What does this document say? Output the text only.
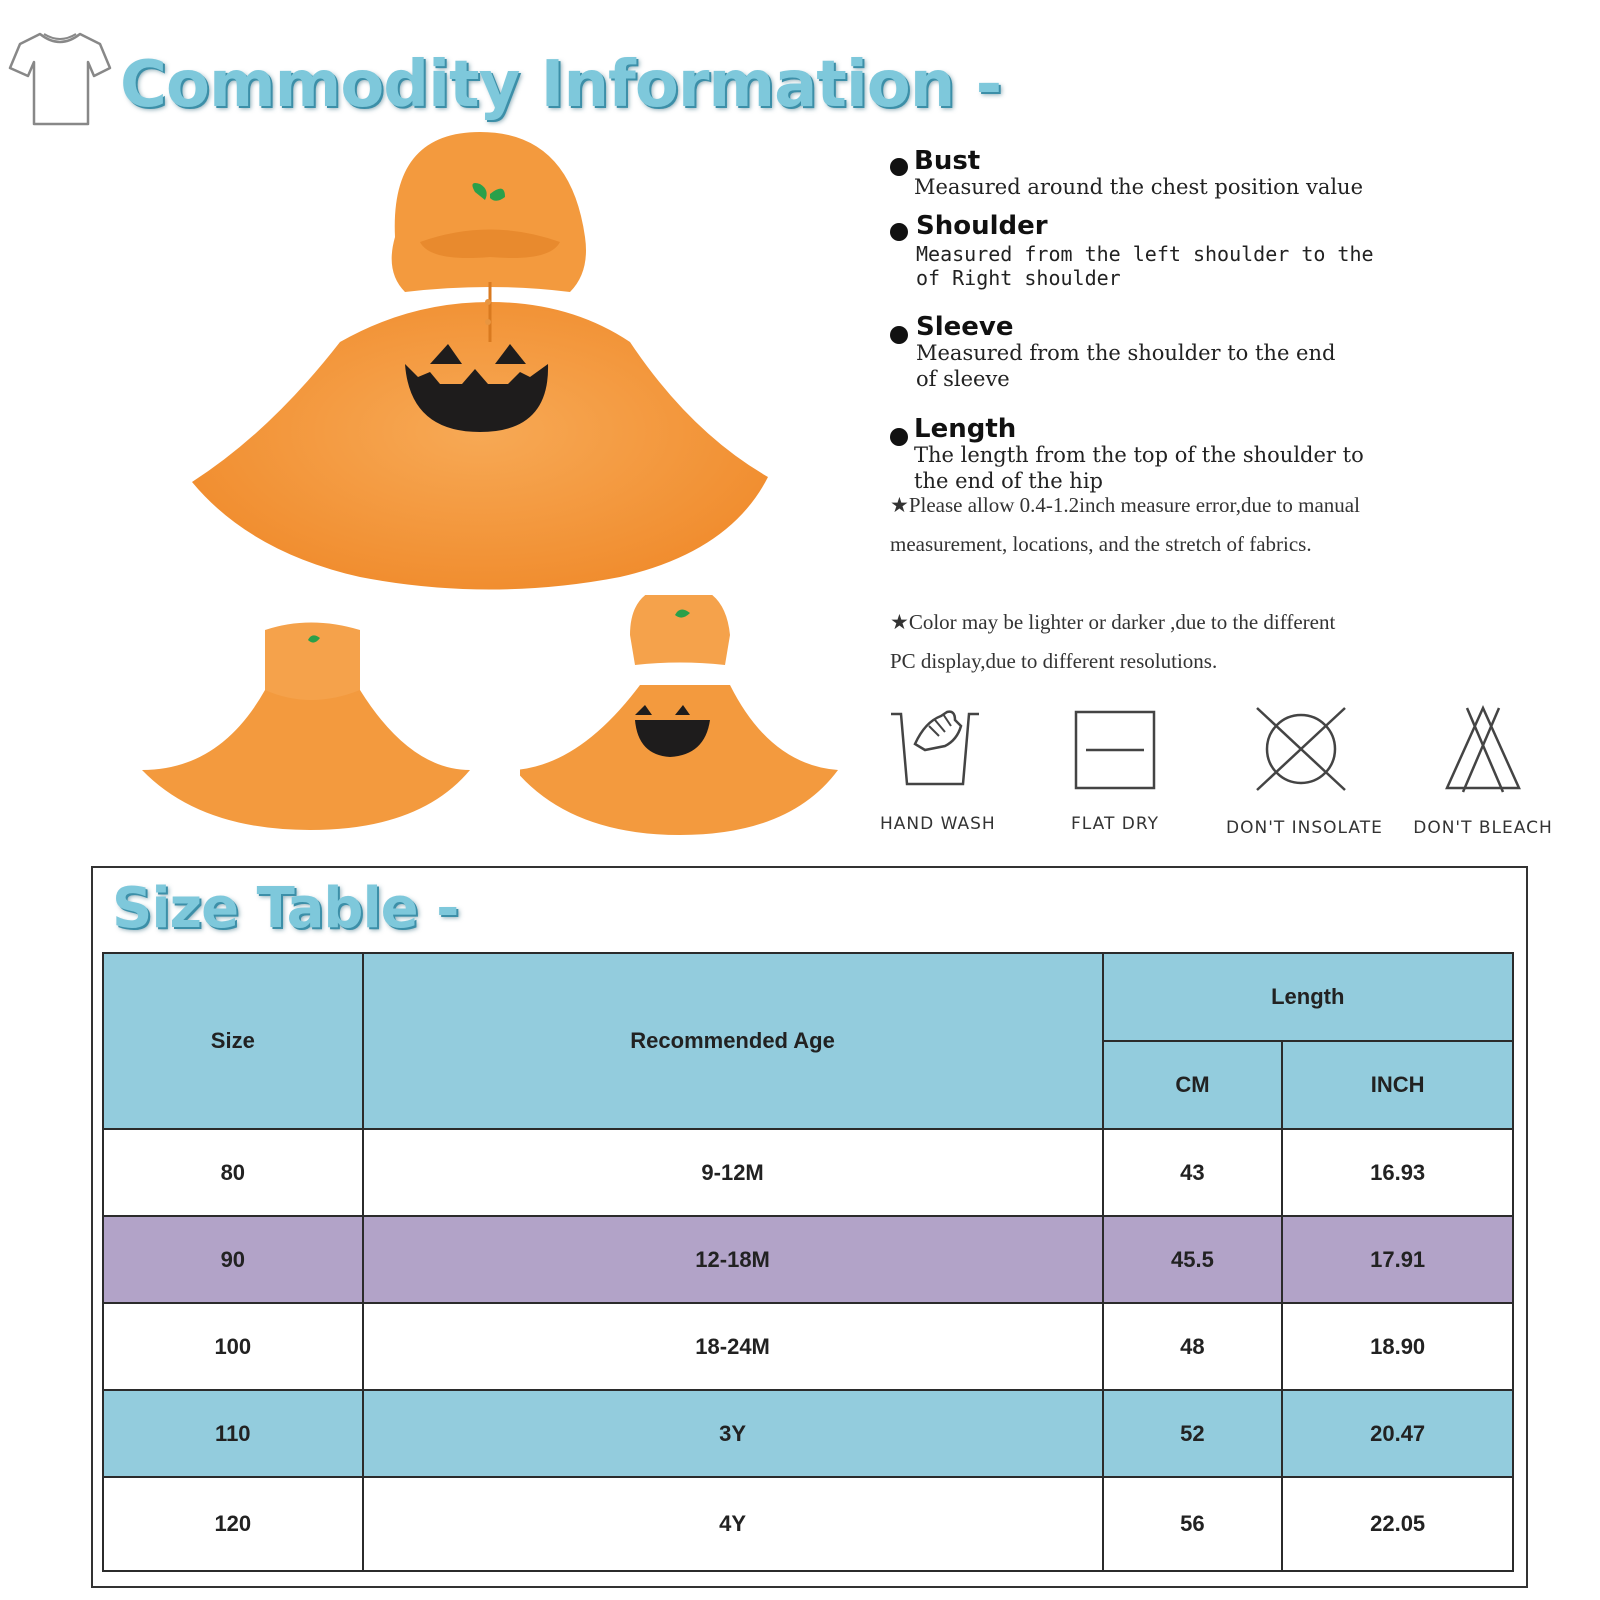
Commodity Information -
Bust
Measured around the chest position value
Shoulder
Measured from the left shoulder to the
of Right shoulder
Sleeve
Measured from the shoulder to the end
of sleeve
Length
The length from the top of the shoulder to
the end of the hip
★Please allow 0.4-1.2inch measure error,due to manual measurement, locations, and the stretch of fabrics.
★Color may be lighter or darker ,due to the different PC display,due to different resolutions.
HAND WASH	FLAT DRY	DON'T INSOLATE	DON'T BLEACH
Size Table -
Size	Recommended Age	Length	
		CM	INCH
80	9-12M	43	16.93
90	12-18M	45.5	17.91
100	18-24M	48	18.90
110	3Y	52	20.47
120	4Y	56	22.05
